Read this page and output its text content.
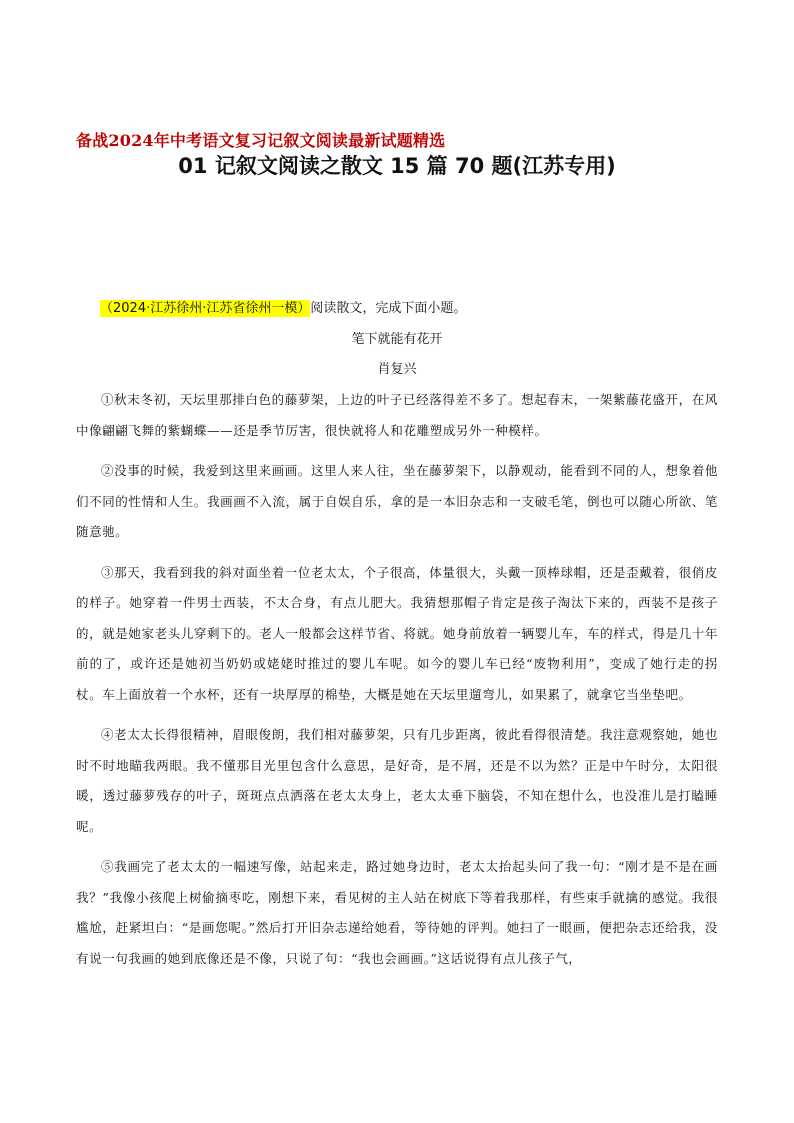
备战2024年中考语文复习记叙文阅读最新试题精选
01 记叙文阅读之散文 15 篇 70 题(江苏专用)
（2024·江苏徐州·江苏省徐州一模）阅读散文，完成下面小题。
笔下就能有花开
肖复兴

①秋末冬初，天坛里那排白色的藤萝架，上边的叶子已经落得差不多了。想起春末，一架紫藤花盛开，在风中像翩翩飞舞的紫蝴蝶——还是季节厉害，很快就将人和花雕塑成另外一种模样。

②没事的时候，我爱到这里来画画。这里人来人往，坐在藤萝架下，以静观动，能看到不同的人，想象着他们不同的性情和人生。我画画不入流，属于自娱自乐，拿的是一本旧杂志和一支破毛笔，倒也可以随心所欲、笔随意驰。

③那天，我看到我的斜对面坐着一位老太太，个子很高，体量很大，头戴一顶棒球帽，还是歪戴着，很俏皮的样子。她穿着一件男士西装，不太合身，有点儿肥大。我猜想那帽子肯定是孩子淘汰下来的，西装不是孩子的，就是她家老头儿穿剩下的。老人一般都会这样节省、将就。她身前放着一辆婴儿车，车的样式，得是几十年前的了，或许还是她初当奶奶或姥姥时推过的婴儿车呢。如今的婴儿车已经“废物利用”，变成了她行走的拐杖。车上面放着一个水杯，还有一块厚厚的棉垫，大概是她在天坛里遛弯儿，如果累了，就拿它当坐垫吧。

④老太太长得很精神，眉眼俊朗，我们相对藤萝架，只有几步距离，彼此看得很清楚。我注意观察她，她也时不时地瞄我两眼。我不懂那目光里包含什么意思，是好奇，是不屑，还是不以为然？正是中午时分，太阳很暖，透过藤萝残存的叶子，斑斑点点洒落在老太太身上，老太太垂下脑袋，不知在想什么，也没准儿是打瞌睡呢。

⑤我画完了老太太的一幅速写像，站起来走，路过她身边时，老太太抬起头问了我一句：“刚才是不是在画我？”我像小孩爬上树偷摘枣吃，刚想下来，看见树的主人站在树底下等着我那样，有些束手就擒的感觉。我很尴尬，赶紧坦白：“是画您呢。”然后打开旧杂志递给她看，等待她的评判。她扫了一眼画，便把杂志还给我，没有说一句我画的她到底像还是不像，只说了句：“我也会画画。”这话说得有点儿孩子气，
